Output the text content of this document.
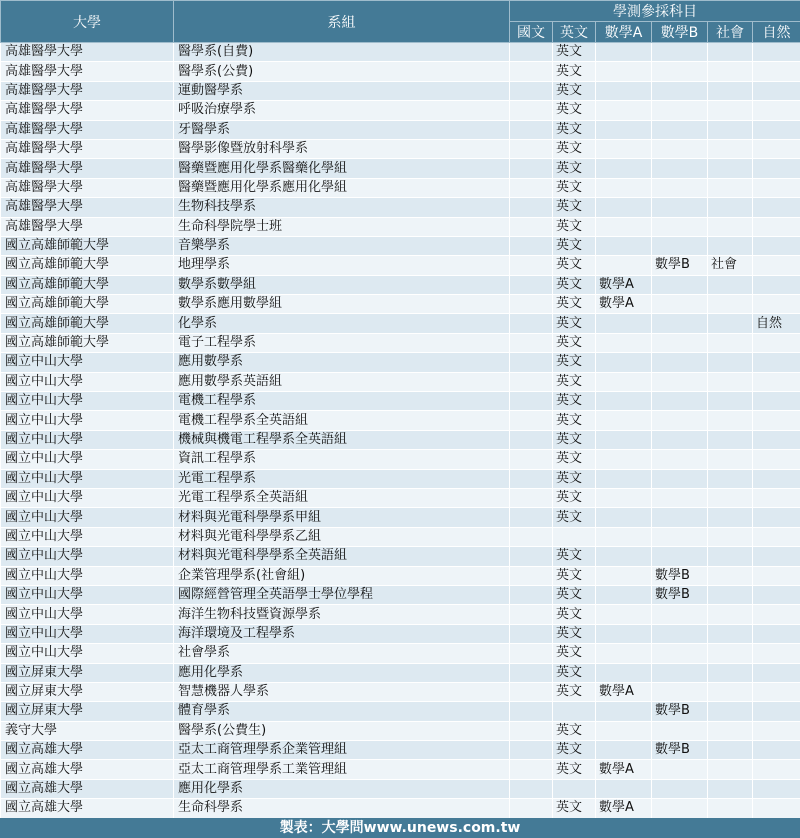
大學	系組	學測參採科目					
		國文	英文	數學A	數學B	社會	自然
高雄醫學大學	醫學系(自費)		英文				
高雄醫學大學	醫學系(公費)		英文				
高雄醫學大學	運動醫學系		英文				
高雄醫學大學	呼吸治療學系		英文				
高雄醫學大學	牙醫學系		英文				
高雄醫學大學	醫學影像暨放射科學系		英文				
高雄醫學大學	醫藥暨應用化學系醫藥化學組		英文				
高雄醫學大學	醫藥暨應用化學系應用化學組		英文				
高雄醫學大學	生物科技學系		英文				
高雄醫學大學	生命科學院學士班		英文				
國立高雄師範大學	音樂學系		英文				
國立高雄師範大學	地理學系		英文		數學B	社會	
國立高雄師範大學	數學系數學組		英文	數學A			
國立高雄師範大學	數學系應用數學組		英文	數學A			
國立高雄師範大學	化學系		英文				自然
國立高雄師範大學	電子工程學系		英文				
國立中山大學	應用數學系		英文				
國立中山大學	應用數學系英語組		英文				
國立中山大學	電機工程學系		英文				
國立中山大學	電機工程學系全英語組		英文				
國立中山大學	機械與機電工程學系全英語組		英文				
國立中山大學	資訊工程學系		英文				
國立中山大學	光電工程學系		英文				
國立中山大學	光電工程學系全英語組		英文				
國立中山大學	材料與光電科學學系甲組		英文				
國立中山大學	材料與光電科學學系乙組						
國立中山大學	材料與光電科學學系全英語組		英文				
國立中山大學	企業管理學系(社會組)		英文		數學B		
國立中山大學	國際經營管理全英語學士學位學程		英文		數學B		
國立中山大學	海洋生物科技暨資源學系		英文				
國立中山大學	海洋環境及工程學系		英文				
國立中山大學	社會學系		英文				
國立屏東大學	應用化學系		英文				
國立屏東大學	智慧機器人學系		英文	數學A			
國立屏東大學	體育學系				數學B		
義守大學	醫學系(公費生)		英文				
國立高雄大學	亞太工商管理學系企業管理組		英文		數學B		
國立高雄大學	亞太工商管理學系工業管理組		英文	數學A			
國立高雄大學	應用化學系						
國立高雄大學	生命科學系		英文	數學A			
製表：大學問www.unews.com.tw
